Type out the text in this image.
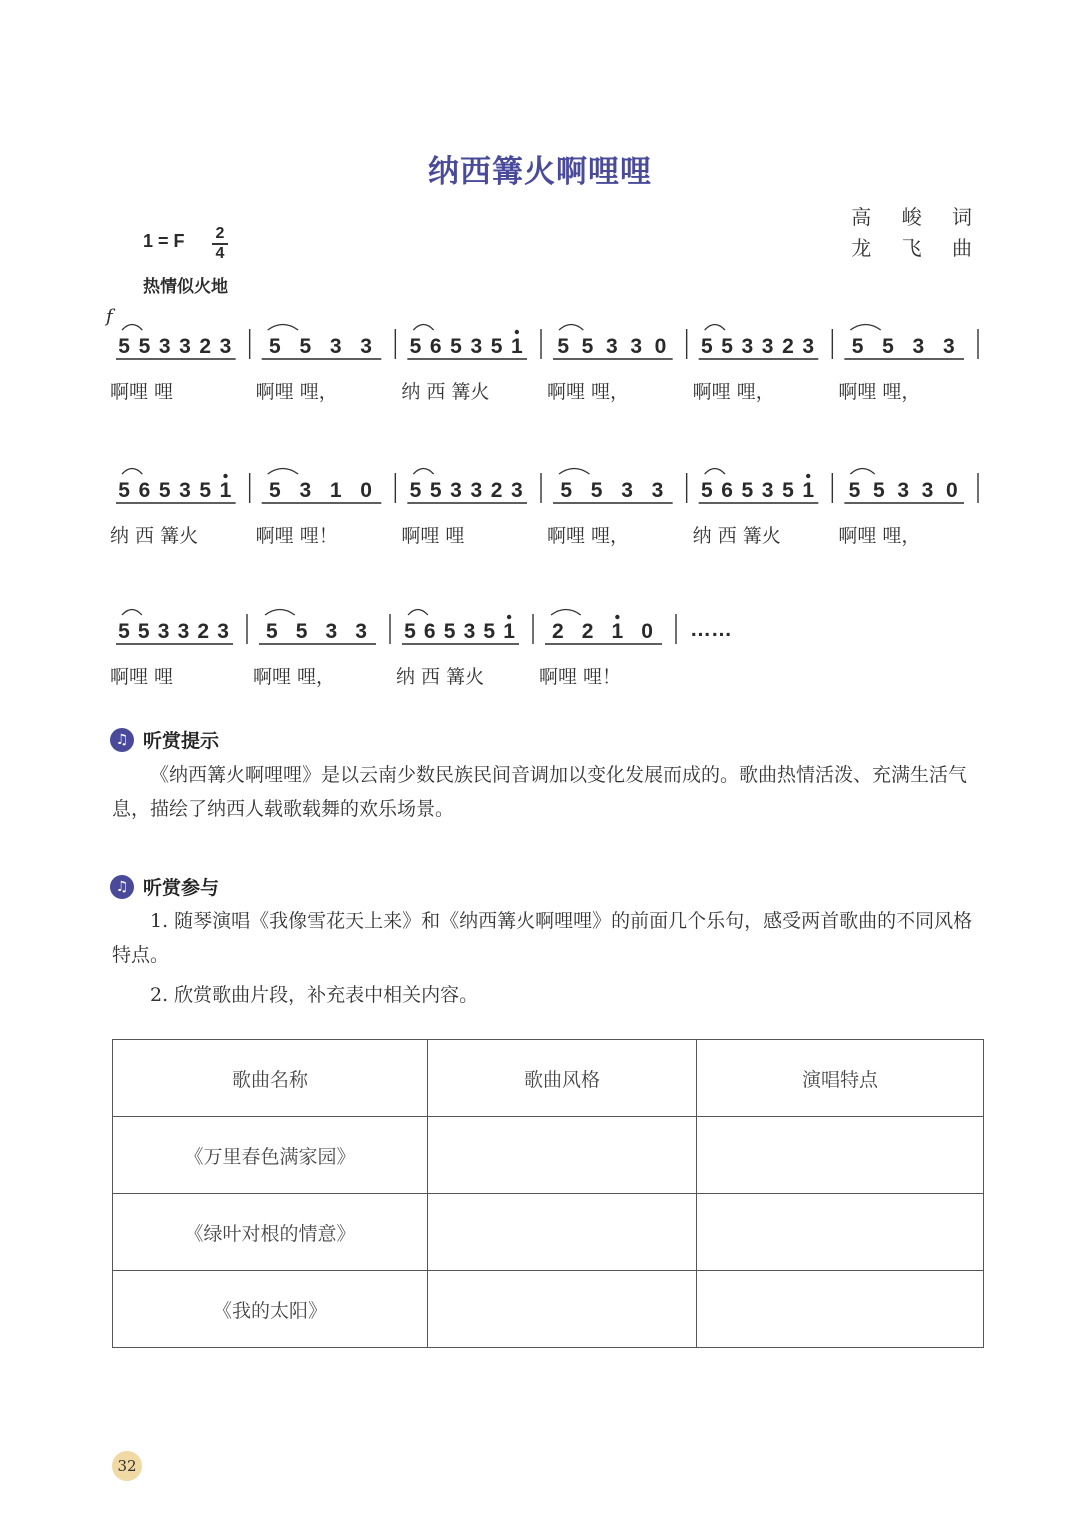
纳西篝火啊哩哩
高 峻 词
龙 飞 曲
1 = F 2
4
热情似火地
f
5 5 3 3 2 3 5 5 3 3 5 6 5 3 5 1 5 5 3 3 0 5 5 3 3 2 3 5 5 3 3
5 6 5 3 5 1 5 3 1 0 5 5 3 3 2 3 5 5 3 3 5 6 5 3 5 1 5 5 3 3 0
5 5 3 3 2 3 5 5 3 3 5 6 5 3 5 1 2 2 1 0 ……
啊哩 哩	啊哩 哩，	纳 西 篝火	啊哩 哩，	啊哩 哩，	啊哩 哩，
纳 西 篝火	啊哩 哩！	啊哩 哩	啊哩 哩，	纳 西 篝火	啊哩 哩，
啊哩 哩	啊哩 哩，	纳 西 篝火	啊哩 哩！
♫ 听赏提示
《纳西篝火啊哩哩》是以云南少数民族民间音调加以变化发展而成的。歌曲热情活泼、充满生活气息，描绘了纳西人载歌载舞的欢乐场景。
♫ 听赏参与
1. 随琴演唱《我像雪花天上来》和《纳西篝火啊哩哩》的前面几个乐句，感受两首歌曲的不同风格特点。
2. 欣赏歌曲片段，补充表中相关内容。
歌曲名称	歌曲风格	演唱特点
《万里春色满家园》		
《绿叶对根的情意》		
《我的太阳》		
32
